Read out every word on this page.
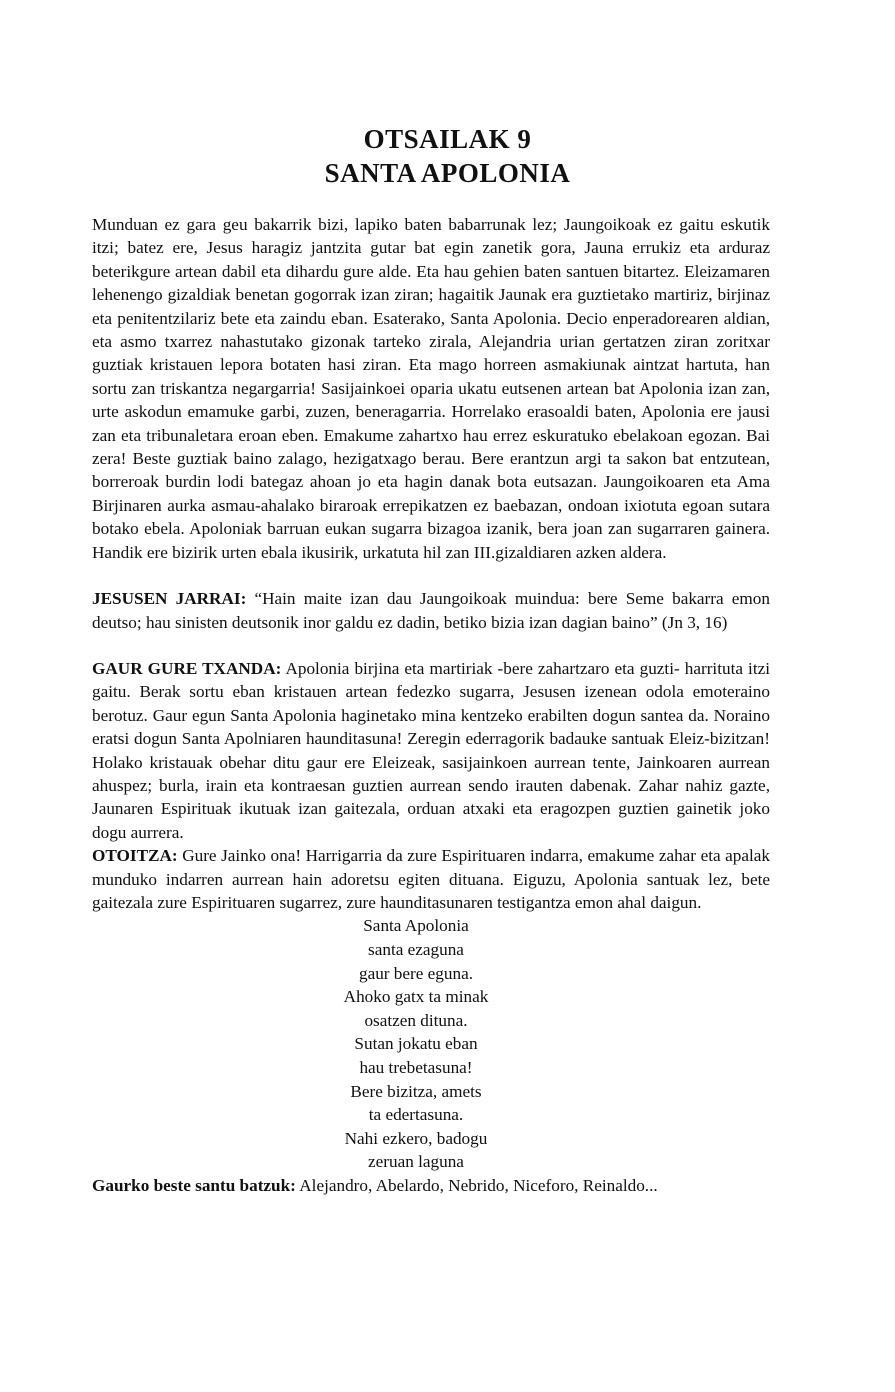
OTSAILAK 9
SANTA APOLONIA

Munduan ez gara geu bakarrik bizi, lapiko baten babarrunak lez; Jaungoikoak ez gaitu eskutik itzi; batez ere, Jesus haragiz jantzita gutar bat egin zanetik gora, Jauna errukiz eta arduraz beterikgure artean dabil eta dihardu gure alde. Eta hau gehien baten santuen bitartez. Eleizamaren lehenengo gizaldiak benetan gogorrak izan ziran; hagaitik Jaunak era guztietako martiriz, birjinaz eta penitentzilariz bete eta zaindu eban. Esaterako, Santa Apolonia. Decio enperadorearen aldian, eta asmo txarrez nahastutako gizonak tarteko zirala, Alejandria urian gertatzen ziran zoritxar guztiak kristauen lepora botaten hasi ziran. Eta mago horreen asmakiunak aintzat hartuta, han sortu zan triskantza negargarria! Sasijainkoei oparia ukatu eutsenen artean bat Apolonia izan zan, urte askodun emamuke garbi, zuzen, beneragarria. Horrelako erasoaldi baten, Apolonia ere jausi zan eta tribunaletara eroan eben. Emakume zahartxo hau errez eskuratuko ebelakoan egozan. Bai zera! Beste guztiak baino zalago, hezigatxago berau. Bere erantzun argi ta sakon bat entzutean, borreroak burdin lodi bategaz ahoan jo eta hagin danak bota eutsazan. Jaungoikoaren eta Ama Birjinaren aurka asmau-ahalako biraroak errepikatzen ez baebazan, ondoan ixiotuta egoan sutara botako ebela. Apoloniak barruan eukan sugarra bizagoa izanik, bera joan zan sugarraren gainera. Handik ere bizirik urten ebala ikusirik, urkatuta hil zan III.gizaldiaren azken aldera.

JESUSEN JARRAI: “Hain maite izan dau Jaungoikoak muindua: bere Seme bakarra emon deutso; hau sinisten deutsonik inor galdu ez dadin, betiko bizia izan dagian baino” (Jn 3, 16)

GAUR GURE TXANDA: Apolonia birjina eta martiriak -bere zahartzaro eta guzti- harrituta itzi gaitu. Berak sortu eban kristauen artean fedezko sugarra, Jesusen izenean odola emoteraino berotuz. Gaur egun Santa Apolonia haginetako mina kentzeko erabilten dogun santea da. Noraino eratsi dogun Santa Apolniaren haunditasuna! Zeregin ederragorik badauke santuak Eleiz-bizitzan! Holako kristauak obehar ditu gaur ere Eleizeak, sasijainkoen aurrean tente, Jainkoaren aurrean ahuspez; burla, irain eta kontraesan guztien aurrean sendo irauten dabenak. Zahar nahiz gazte, Jaunaren Espirituak ikutuak izan gaitezala, orduan atxaki eta eragozpen guztien gainetik joko dogu aurrera.

OTOITZA: Gure Jainko ona! Harrigarria da zure Espirituaren indarra, emakume zahar eta apalak munduko indarren aurrean hain adoretsu egiten dituana. Eiguzu, Apolonia santuak lez, bete gaitezala zure Espirituaren sugarrez, zure haunditasunaren testigantza emon ahal daigun.

Santa Apolonia
santa ezaguna
gaur bere eguna.
Ahoko gatx ta minak
osatzen dituna.
Sutan jokatu eban
hau trebetasuna!
Bere bizitza, amets
ta edertasuna.
Nahi ezkero, badogu
zeruan laguna

Gaurko beste santu batzuk: Alejandro, Abelardo, Nebrido, Niceforo, Reinaldo...
